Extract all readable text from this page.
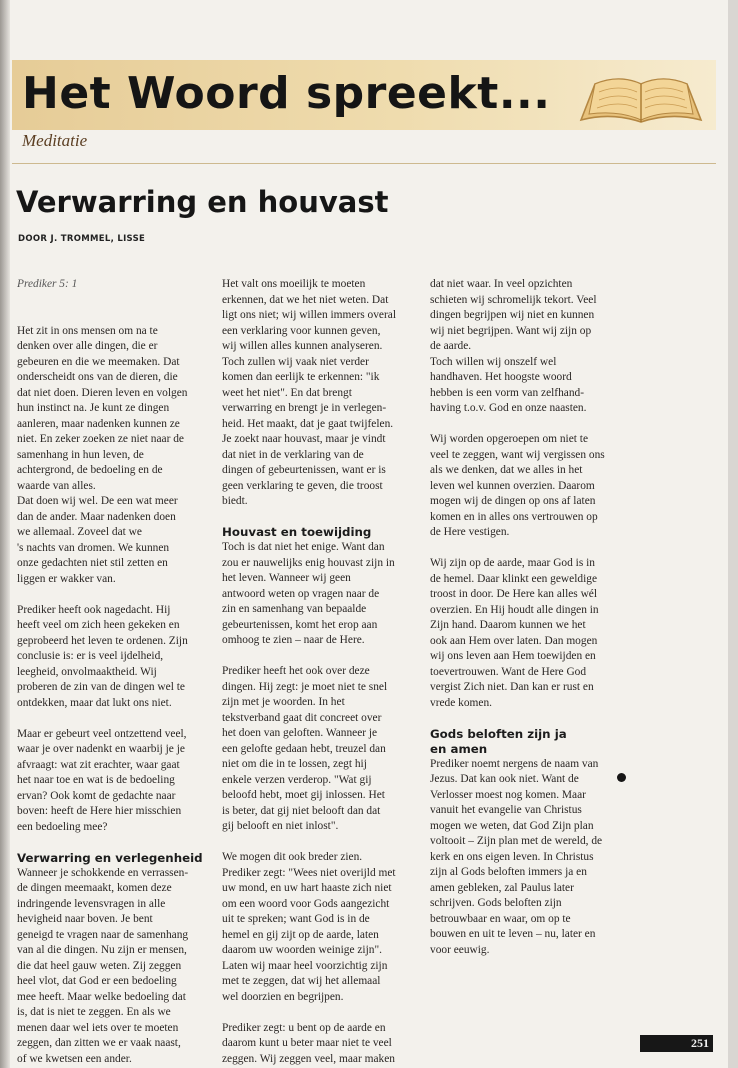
Het Woord spreekt...
Meditatie
Verwarring en houvast
DOOR J. TROMMEL, LISSE
Prediker 5: 1
Het zit in ons mensen om na te
denken over alle dingen, die er
gebeuren en die we meemaken. Dat
onderscheidt ons van de dieren, die
dat niet doen. Dieren leven en volgen
hun instinct na. Je kunt ze dingen
aanleren, maar nadenken kunnen ze
niet. En zeker zoeken ze niet naar de
samenhang in hun leven, de
achtergrond, de bedoeling en de
waarde van alles.
Dat doen wij wel. De een wat meer
dan de ander. Maar nadenken doen
we allemaal. Zoveel dat we
's nachts van dromen. We kunnen
onze gedachten niet stil zetten en
liggen er wakker van.
Prediker heeft ook nagedacht. Hij
heeft veel om zich heen gekeken en
geprobeerd het leven te ordenen. Zijn
conclusie is: er is veel ijdelheid,
leegheid, onvolmaaktheid. Wij
proberen de zin van de dingen wel te
ontdekken, maar dat lukt ons niet.
Maar er gebeurt veel ontzettend veel,
waar je over nadenkt en waarbij je je
afvraagt: wat zit erachter, waar gaat
het naar toe en wat is de bedoeling
ervan? Ook komt de gedachte naar
boven: heeft de Here hier misschien
een bedoeling mee?
Verwarring en verlegenheid
Wanneer je schokkende en verrassen-
de dingen meemaakt, komen deze
indringende levensvragen in alle
hevigheid naar boven. Je bent
geneigd te vragen naar de samenhang
van al die dingen. Nu zijn er mensen,
die dat heel gauw weten. Zij zeggen
heel vlot, dat God er een bedoeling
mee heeft. Maar welke bedoeling dat
is, dat is niet te zeggen. En als we
menen daar wel iets over te moeten
zeggen, dan zitten we er vaak naast,
of we kwetsen een ander.
Het valt ons moeilijk te moeten
erkennen, dat we het niet weten. Dat
ligt ons niet; wij willen immers overal
een verklaring voor kunnen geven,
wij willen alles kunnen analyseren.
Toch zullen wij vaak niet verder
komen dan eerlijk te erkennen: "ik
weet het niet". En dat brengt
verwarring en brengt je in verlegen-
heid. Het maakt, dat je gaat twijfelen.
Je zoekt naar houvast, maar je vindt
dat niet in de verklaring van de
dingen of gebeurtenissen, want er is
geen verklaring te geven, die troost
biedt.
Houvast en toewijding
Toch is dat niet het enige. Want dan
zou er nauwelijks enig houvast zijn in
het leven. Wanneer wij geen
antwoord weten op vragen naar de
zin en samenhang van bepaalde
gebeurtenissen, komt het erop aan
omhoog te zien – naar de Here.
Prediker heeft het ook over deze
dingen. Hij zegt: je moet niet te snel
zijn met je woorden. In het
tekstverband gaat dit concreet over
het doen van geloften. Wanneer je
een gelofte gedaan hebt, treuzel dan
niet om die in te lossen, zegt hij
enkele verzen verderop. "Wat gij
beloofd hebt, moet gij inlossen. Het
is beter, dat gij niet belooft dan dat
gij belooft en niet inlost".
We mogen dit ook breder zien.
Prediker zegt: "Wees niet overijld met
uw mond, en uw hart haaste zich niet
om een woord voor Gods aangezicht
uit te spreken; want God is in de
hemel en gij zijt op de aarde, laten
daarom uw woorden weinige zijn".
Laten wij maar heel voorzichtig zijn
met te zeggen, dat wij het allemaal
wel doorzien en begrijpen.
Prediker zegt: u bent op de aarde en
daarom kunt u beter maar niet te veel
zeggen. Wij zeggen veel, maar maken
dat niet waar. In veel opzichten
schieten wij schromelijk tekort. Veel
dingen begrijpen wij niet en kunnen
wij niet begrijpen. Want wij zijn op
de aarde.
Toch willen wij onszelf wel
handhaven. Het hoogste woord
hebben is een vorm van zelfhand-
having t.o.v. God en onze naasten.
Wij worden opgeroepen om niet te
veel te zeggen, want wij vergissen ons
als we denken, dat we alles in het
leven wel kunnen overzien. Daarom
mogen wij de dingen op ons af laten
komen en in alles ons vertrouwen op
de Here vestigen.
Wij zijn op de aarde, maar God is in
de hemel. Daar klinkt een geweldige
troost in door. De Here kan alles wél
overzien. En Hij houdt alle dingen in
Zijn hand. Daarom kunnen we het
ook aan Hem over laten. Dan mogen
wij ons leven aan Hem toewijden en
toevertrouwen. Want de Here God
vergist Zich niet. Dan kan er rust en
vrede komen.
Gods beloften zijn ja
en amen
Prediker noemt nergens de naam van
Jezus. Dat kan ook niet. Want de
Verlosser moest nog komen. Maar
vanuit het evangelie van Christus
mogen we weten, dat God Zijn plan
voltooit – Zijn plan met de wereld, de
kerk en ons eigen leven. In Christus
zijn al Gods beloften immers ja en
amen gebleken, zal Paulus later
schrijven. Gods beloften zijn
betrouwbaar en waar, om op te
bouwen en uit te leven – nu, later en
voor eeuwig.
251
